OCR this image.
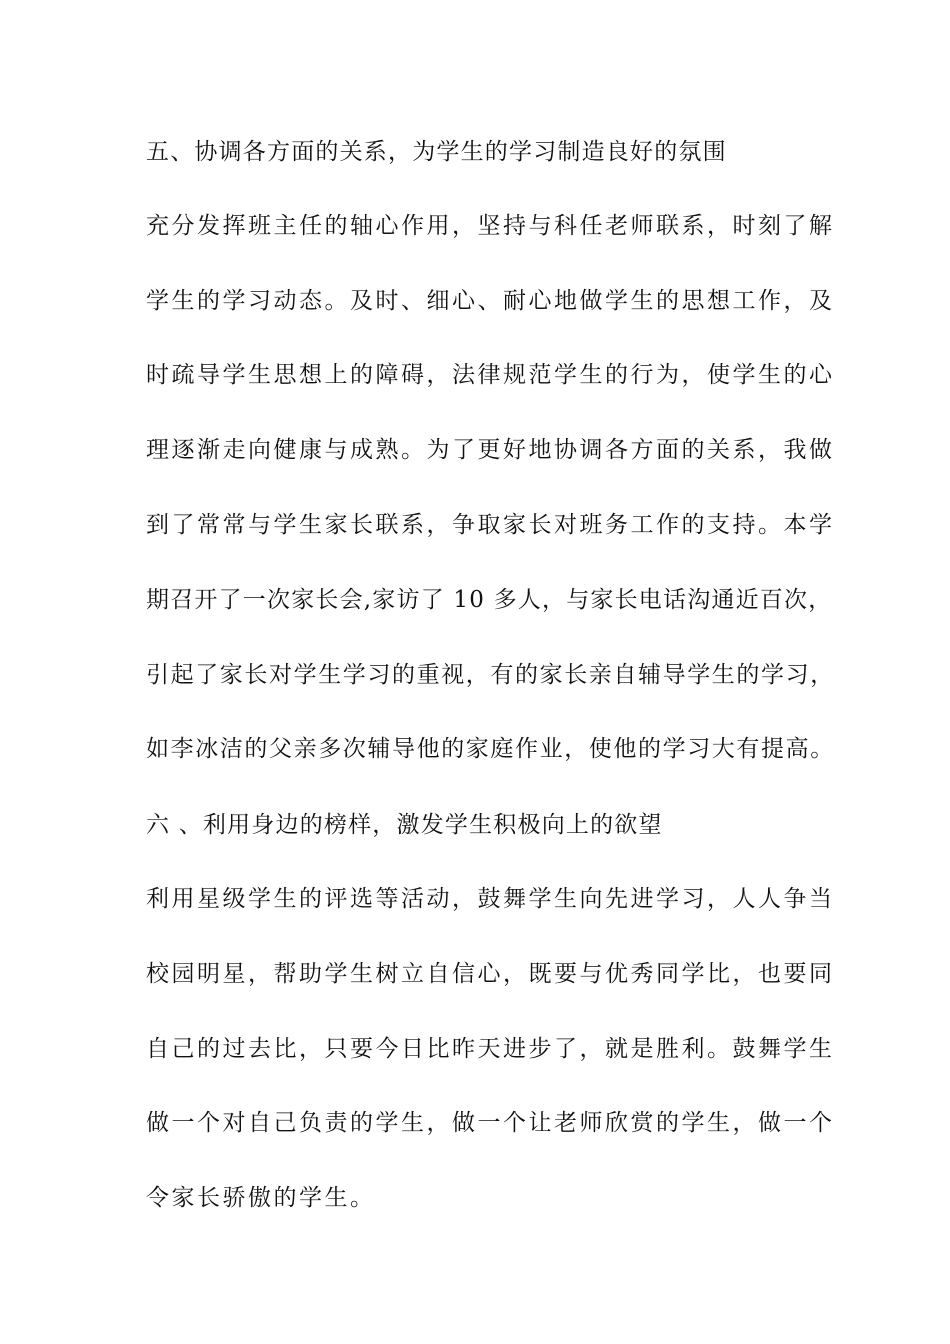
五、协调各方面的关系，为学生的学习制造良好的氛围
充分发挥班主任的轴心作用，坚持与科任老师联系，时刻了解
学生的学习动态。及时、细心、耐心地做学生的思想工作，及
时疏导学生思想上的障碍，法律规范学生的行为，使学生的心
理逐渐走向健康与成熟。为了更好地协调各方面的关系，我做
到了常常与学生家长联系，争取家长对班务工作的支持。本学
期召开了一次家长会,家访了 10 多人，与家长电话沟通近百次，
引起了家长对学生学习的重视，有的家长亲自辅导学生的学习，
如李冰洁的父亲多次辅导他的家庭作业，使他的学习大有提高。
六 、利用身边的榜样，激发学生积极向上的欲望
利用星级学生的评选等活动，鼓舞学生向先进学习，人人争当
校园明星，帮助学生树立自信心，既要与优秀同学比，也要同
自己的过去比，只要今日比昨天进步了，就是胜利。鼓舞学生
做一个对自己负责的学生，做一个让老师欣赏的学生，做一个
令家长骄傲的学生。
